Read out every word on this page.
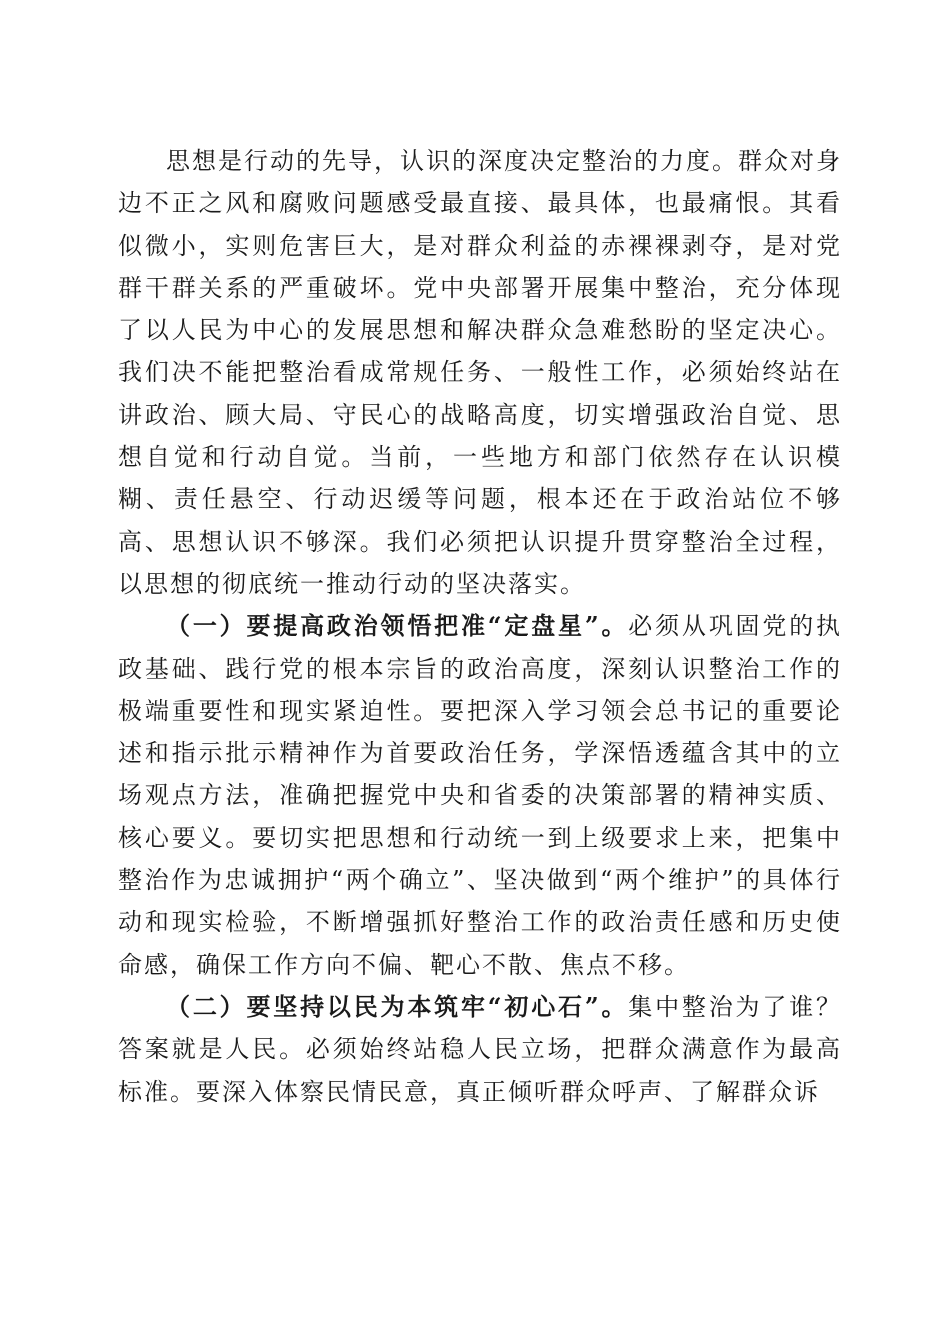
思想是行动的先导，认识的深度决定整治的力度。群众对身边不正之风和腐败问题感受最直接、最具体，也最痛恨。其看似微小，实则危害巨大，是对群众利益的赤裸裸剥夺，是对党群干群关系的严重破坏。党中央部署开展集中整治，充分体现了以人民为中心的发展思想和解决群众急难愁盼的坚定决心。我们决不能把整治看成常规任务、一般性工作，必须始终站在讲政治、顾大局、守民心的战略高度，切实增强政治自觉、思想自觉和行动自觉。当前，一些地方和部门依然存在认识模糊、责任悬空、行动迟缓等问题，根本还在于政治站位不够高、思想认识不够深。我们必须把认识提升贯穿整治全过程，以思想的彻底统一推动行动的坚决落实。

（一）要提高政治领悟把准“定盘星”。必须从巩固党的执政基础、践行党的根本宗旨的政治高度，深刻认识整治工作的极端重要性和现实紧迫性。要把深入学习领会总书记的重要论述和指示批示精神作为首要政治任务，学深悟透蕴含其中的立场观点方法，准确把握党中央和省委的决策部署的精神实质、核心要义。要切实把思想和行动统一到上级要求上来，把集中整治作为忠诚拥护“两个确立”、坚决做到“两个维护”的具体行动和现实检验，不断增强抓好整治工作的政治责任感和历史使命感，确保工作方向不偏、靶心不散、焦点不移。

（二）要坚持以民为本筑牢“初心石”。集中整治为了谁？答案就是人民。必须始终站稳人民立场，把群众满意作为最高标准。要深入体察民情民意，真正倾听群众呼声、了解群众诉
